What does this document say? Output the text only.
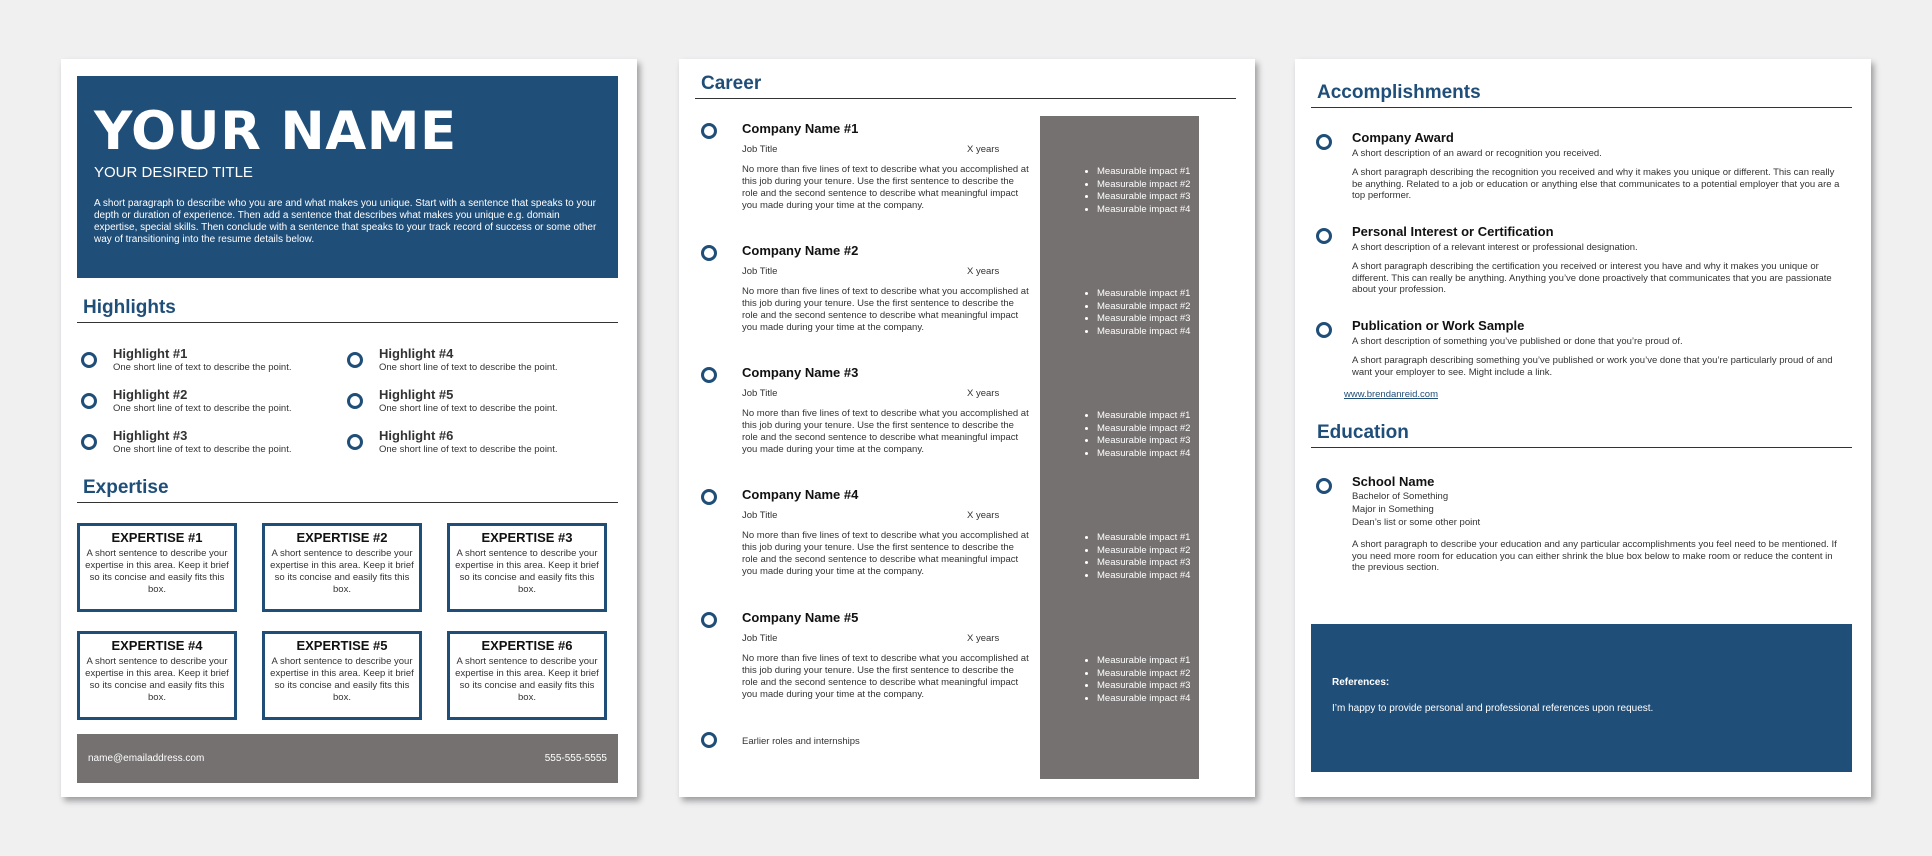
YOUR NAME
YOUR DESIRED TITLE
A short paragraph to describe who you are and what makes you unique. Start with a sentence that speaks to your depth or duration of experience. Then add a sentence that describes what makes you unique e.g. domain expertise, special skills. Then conclude with a sentence that speaks to your track record of success or some other way of transitioning into the resume details below.
Highlights
Highlight #1
One short line of text to describe the point.
Highlight #2
One short line of text to describe the point.
Highlight #3
One short line of text to describe the point.
Highlight #4
One short line of text to describe the point.
Highlight #5
One short line of text to describe the point.
Highlight #6
One short line of text to describe the point.
Expertise
EXPERTISE #1
A short sentence to describe your expertise in this area. Keep it brief so its concise and easily fits this box.
EXPERTISE #2
A short sentence to describe your expertise in this area. Keep it brief so its concise and easily fits this box.
EXPERTISE #3
A short sentence to describe your expertise in this area. Keep it brief so its concise and easily fits this box.
EXPERTISE #4
A short sentence to describe your expertise in this area. Keep it brief so its concise and easily fits this box.
EXPERTISE #5
A short sentence to describe your expertise in this area. Keep it brief so its concise and easily fits this box.
EXPERTISE #6
A short sentence to describe your expertise in this area. Keep it brief so its concise and easily fits this box.
name@emailaddress.com	555-555-5555
Career
Company Name #1
Job Title	X years
No more than five lines of text to describe what you accomplished at this job during your tenure. Use the first sentence to describe the role and the second sentence to describe what meaningful impact you made during your time at the company.
• Measurable impact #1
• Measurable impact #2
• Measurable impact #3
• Measurable impact #4
Company Name #2
Job Title	X years
No more than five lines of text to describe what you accomplished at this job during your tenure. Use the first sentence to describe the role and the second sentence to describe what meaningful impact you made during your time at the company.
• Measurable impact #1
• Measurable impact #2
• Measurable impact #3
• Measurable impact #4
Company Name #3
Job Title	X years
No more than five lines of text to describe what you accomplished at this job during your tenure. Use the first sentence to describe the role and the second sentence to describe what meaningful impact you made during your time at the company.
• Measurable impact #1
• Measurable impact #2
• Measurable impact #3
• Measurable impact #4
Company Name #4
Job Title	X years
No more than five lines of text to describe what you accomplished at this job during your tenure. Use the first sentence to describe the role and the second sentence to describe what meaningful impact you made during your time at the company.
• Measurable impact #1
• Measurable impact #2
• Measurable impact #3
• Measurable impact #4
Company Name #5
Job Title	X years
No more than five lines of text to describe what you accomplished at this job during your tenure. Use the first sentence to describe the role and the second sentence to describe what meaningful impact you made during your time at the company.
• Measurable impact #1
• Measurable impact #2
• Measurable impact #3
• Measurable impact #4
Earlier roles and internships
Accomplishments
Company Award
A short description of an award or recognition you received.
A short paragraph describing the recognition you received and why it makes you unique or different. This can really be anything. Related to a job or education or anything else that communicates to a potential employer that you are a top performer.
Personal Interest or Certification
A short description of a relevant interest or professional designation.
A short paragraph describing the certification you received or interest you have and why it makes you unique or different. This can really be anything. Anything you’ve done proactively that communicates that you are passionate about your profession.
Publication or Work Sample
A short description of something you’ve published or done that you’re proud of.
A short paragraph describing something you’ve published or work you’ve done that you’re particularly proud of and want your employer to see. Might include a link.
www.brendanreid.com
Education
School Name
Bachelor of Something
Major in Something
Dean’s list or some other point
A short paragraph to describe your education and any particular accomplishments you feel need to be mentioned. If you need more room for education you can either shrink the blue box below to make room or reduce the content in the previous section.
References:
I’m happy to provide personal and professional references upon request.
